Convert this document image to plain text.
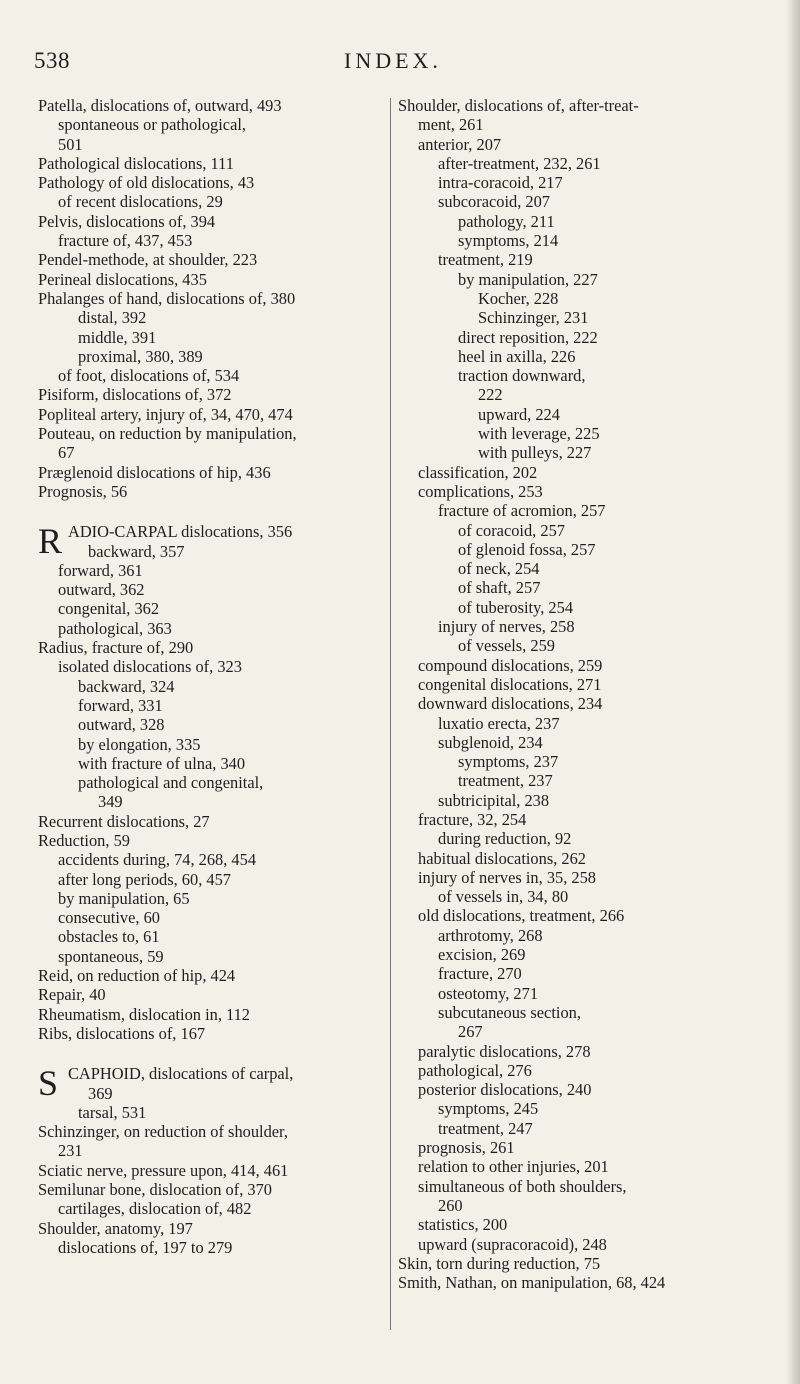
538	INDEX.
Patella, dislocations of, outward, 493
spontaneous or pathological,
501
Pathological dislocations, 111
Pathology of old dislocations, 43
of recent dislocations, 29
Pelvis, dislocations of, 394
fracture of, 437, 453
Pendel-methode, at shoulder, 223
Perineal dislocations, 435
Phalanges of hand, dislocations of, 380
distal, 392
middle, 391
proximal, 380, 389
of foot, dislocations of, 534
Pisiform, dislocations of, 372
Popliteal artery, injury of, 34, 470, 474
Pouteau, on reduction by manipulation,
67
Præglenoid dislocations of hip, 436
Prognosis, 56
R ADIO-CARPAL dislocations, 356
backward, 357
forward, 361
outward, 362
congenital, 362
pathological, 363
Radius, fracture of, 290
isolated dislocations of, 323
backward, 324
forward, 331
outward, 328
by elongation, 335
with fracture of ulna, 340
pathological and congenital,
349
Recurrent dislocations, 27
Reduction, 59
accidents during, 74, 268, 454
after long periods, 60, 457
by manipulation, 65
consecutive, 60
obstacles to, 61
spontaneous, 59
Reid, on reduction of hip, 424
Repair, 40
Rheumatism, dislocation in, 112
Ribs, dislocations of, 167
S CAPHOID, dislocations of carpal,
369
tarsal, 531
Schinzinger, on reduction of shoulder,
231
Sciatic nerve, pressure upon, 414, 461
Semilunar bone, dislocation of, 370
cartilages, dislocation of, 482
Shoulder, anatomy, 197
dislocations of, 197 to 279
Shoulder, dislocations of, after-treat-
ment, 261
anterior, 207
after-treatment, 232, 261
intra-coracoid, 217
subcoracoid, 207
pathology, 211
symptoms, 214
treatment, 219
by manipulation, 227
Kocher, 228
Schinzinger, 231
direct reposition, 222
heel in axilla, 226
traction downward,
222
upward, 224
with leverage, 225
with pulleys, 227
classification, 202
complications, 253
fracture of acromion, 257
of coracoid, 257
of glenoid fossa, 257
of neck, 254
of shaft, 257
of tuberosity, 254
injury of nerves, 258
of vessels, 259
compound dislocations, 259
congenital dislocations, 271
downward dislocations, 234
luxatio erecta, 237
subglenoid, 234
symptoms, 237
treatment, 237
subtricipital, 238
fracture, 32, 254
during reduction, 92
habitual dislocations, 262
injury of nerves in, 35, 258
of vessels in, 34, 80
old dislocations, treatment, 266
arthrotomy, 268
excision, 269
fracture, 270
osteotomy, 271
subcutaneous section,
267
paralytic dislocations, 278
pathological, 276
posterior dislocations, 240
symptoms, 245
treatment, 247
prognosis, 261
relation to other injuries, 201
simultaneous of both shoulders,
260
statistics, 200
upward (supracoracoid), 248
Skin, torn during reduction, 75
Smith, Nathan, on manipulation, 68, 424
